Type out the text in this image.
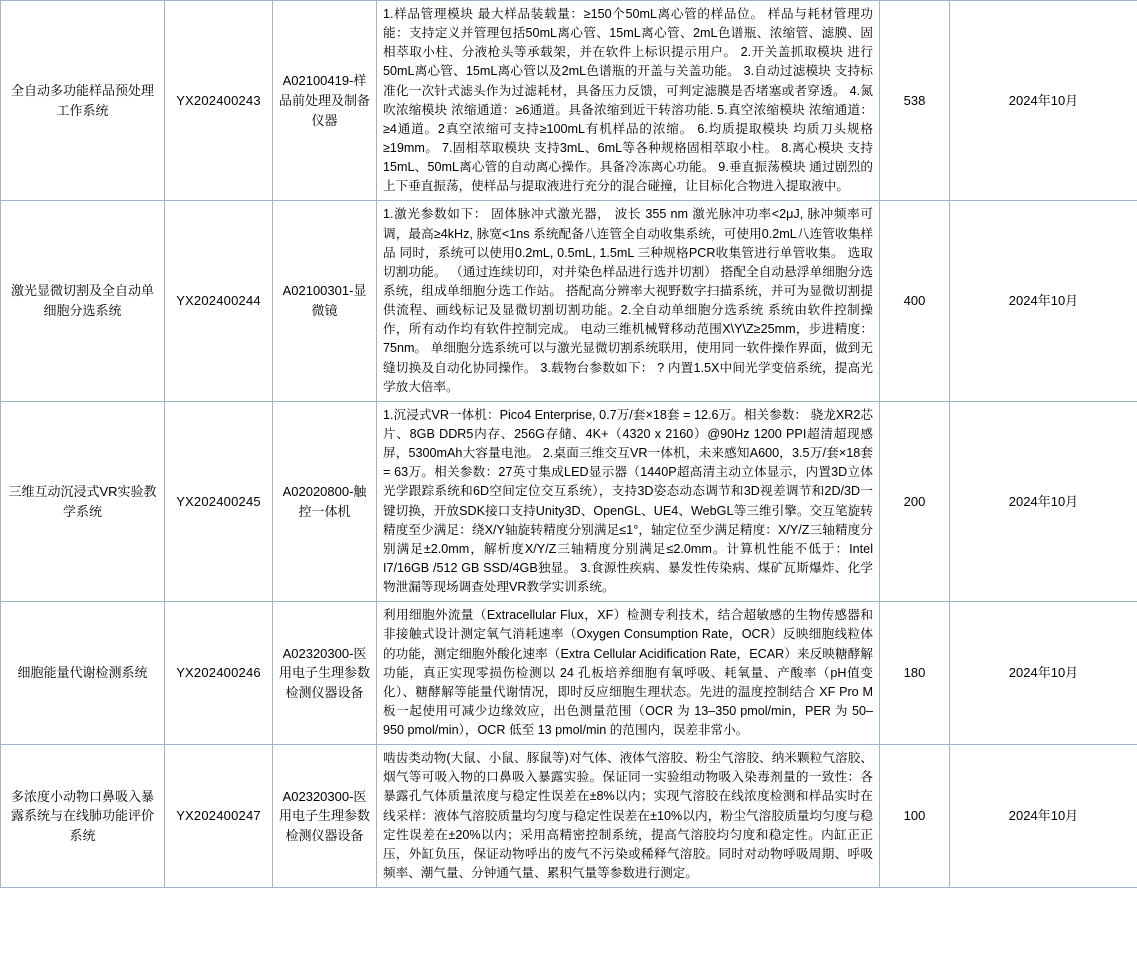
全自动多功能样品预处理工作系统	YX202400243	A02100419-样品前处理及制备仪器	1.样品管理模块 最大样品装载量：≥150个50mL离心管的样品位。 样品与耗材管理功能：支持定义并管理包括50mL离心管、15mL离心管、2mL色谱瓶、浓缩管、滤膜、固相萃取小柱、分液枪头等承载架，并在软件上标识提示用户。 2.开关盖抓取模块 进行50mL离心管、15mL离心管以及2mL色谱瓶的开盖与关盖功能。 3.自动过滤模块 支持标准化一次针式滤头作为过滤耗材，具备压力反馈，可判定滤膜是否堵塞或者穿透。 4.氮吹浓缩模块 浓缩通道：≥6通道。具备浓缩到近干转溶功能. 5.真空浓缩模块 浓缩通道：≥4通道。2真空浓缩可支持≥100mL有机样品的浓缩。 6.均质提取模块 均质刀头规格≥19mm。 7.固相萃取模块 支持3mL、6mL等各种规格固相萃取小柱。 8.离心模块 支持15mL、50mL离心管的自动离心操作。具备冷冻离心功能。 9.垂直振荡模块 通过剧烈的上下垂直振荡，使样品与提取液进行充分的混合碰撞，让目标化合物进入提取液中。	538	2024年10月
激光显微切割及全自动单细胞分选系统	YX202400244	A02100301-显微镜	1.激光参数如下： 固体脉冲式激光器， 波长 355 nm 激光脉冲功率<2μJ, 脉冲频率可调，最高≥4kHz, 脉宽<1ns 系统配备八连管全自动收集系统，可使用0.2mL八连管收集样品 同时，系统可以使用0.2mL, 0.5mL, 1.5mL 三种规格PCR收集管进行单管收集。 选取切割功能。 （通过连续切印，对并染色样品进行选并切割） 搭配全自动悬浮单细胞分选系统，组成单细胞分选工作站。 搭配高分辨率大视野数字扫描系统，并可为显微切割提供流程、画线标记及显微切割切割功能。2.全自动单细胞分选系统 系统由软件控制操作，所有动作均有软件控制完成。 电动三维机械臂移动范围X\Y\Z≥25mm，步进精度：75nm。 单细胞分选系统可以与激光显微切割系统联用，使用同一软件操作界面，做到无缝切换及自动化协同操作。 3.载物台参数如下： ? 内置1.5X中间光学变倍系统，提高光学放大倍率。	400	2024年10月
三维互动沉浸式VR实验教学系统	YX202400245	A02020800-触控一体机	1.沉浸式VR一体机：Pico4 Enterprise, 0.7万/套×18套 = 12.6万。相关参数： 骁龙XR2芯片、8GB DDR5内存、256G存储、4K+（4320 x 2160）@90Hz 1200 PPI超清超现感屏，5300mAh大容量电池。 2.桌面三维交互VR一体机，未来感知A600，3.5万/套×18套 = 63万。相关参数：27英寸集成LED显示器（1440P超高清主动立体显示，内置3D立体光学跟踪系统和6D空间定位交互系统），支持3D姿态动态调节和3D视差调节和2D/3D一键切换，开放SDK接口支持Unity3D、OpenGL、UE4、WebGL等三维引擎。交互笔旋转精度至少满足：绕X/Y轴旋转精度分别满足≤1°，轴定位至少满足精度：X/Y/Z三轴精度分别满足±2.0mm，解析度X/Y/Z三轴精度分别满足≤2.0mm。计算机性能不低于：Intel I7/16GB /512 GB SSD/4GB独显。 3.食源性疾病、暴发性传染病、煤矿瓦斯爆炸、化学物泄漏等现场调查处理VR教学实训系统。	200	2024年10月
细胞能量代谢检测系统	YX202400246	A02320300-医用电子生理参数检测仪器设备	利用细胞外流量（Extracellular Flux，XF）检测专利技术，结合超敏感的生物传感器和非接触式设计测定氧气消耗速率（Oxygen Consumption Rate，OCR）反映细胞线粒体的功能，测定细胞外酸化速率（Extra Cellular Acidification Rate，ECAR）来反映糖酵解功能，真正实现零损伤检测以 24 孔板培养细胞有氧呼吸、耗氧量、产酸率（pH值变化）、糖酵解等能量代谢情况，即时反应细胞生理状态。先进的温度控制结合 XF Pro M 板一起使用可减少边缘效应，出色测量范围（OCR 为 13–350 pmol/min，PER 为 50–950 pmol/min），OCR 低至 13 pmol/min 的范围内，误差非常小。	180	2024年10月
多浓度小动物口鼻吸入暴露系统与在线肺功能评价系统	YX202400247	A02320300-医用电子生理参数检测仪器设备	啮齿类动物(大鼠、小鼠、豚鼠等)对气体、液体气溶胶、粉尘气溶胶、纳米颗粒气溶胶、烟气等可吸入物的口鼻吸入暴露实验。保证同一实验组动物吸入染毒剂量的一致性：各暴露孔气体质量浓度与稳定性误差在±8%以内；实现气溶胶在线浓度检测和样品实时在线采样：液体气溶胶质量均匀度与稳定性误差在±10%以内，粉尘气溶胶质量均匀度与稳定性误差在±20%以内；采用高精密控制系统，提高气溶胶均匀度和稳定性。内缸正正压，外缸负压，保证动物呼出的废气不污染或稀释气溶胶。同时对动物呼吸周期、呼吸频率、潮气量、分钟通气量、累积气量等参数进行测定。	100	2024年10月
